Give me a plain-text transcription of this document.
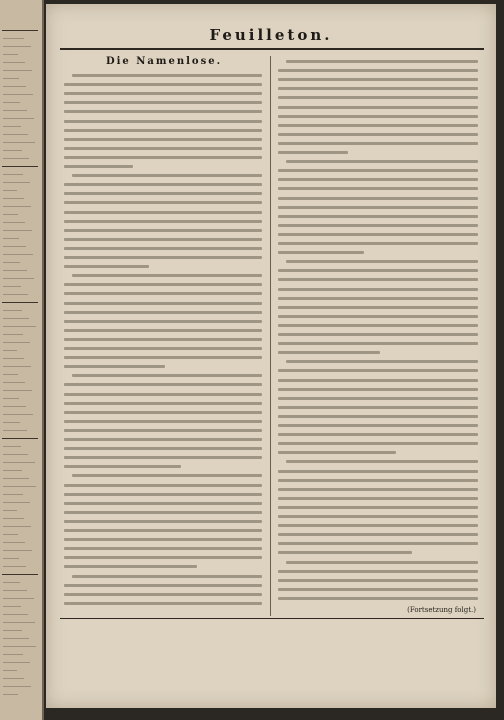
Feuilleton.
Die Namenlose.
(Fortsetzung folgt.)
